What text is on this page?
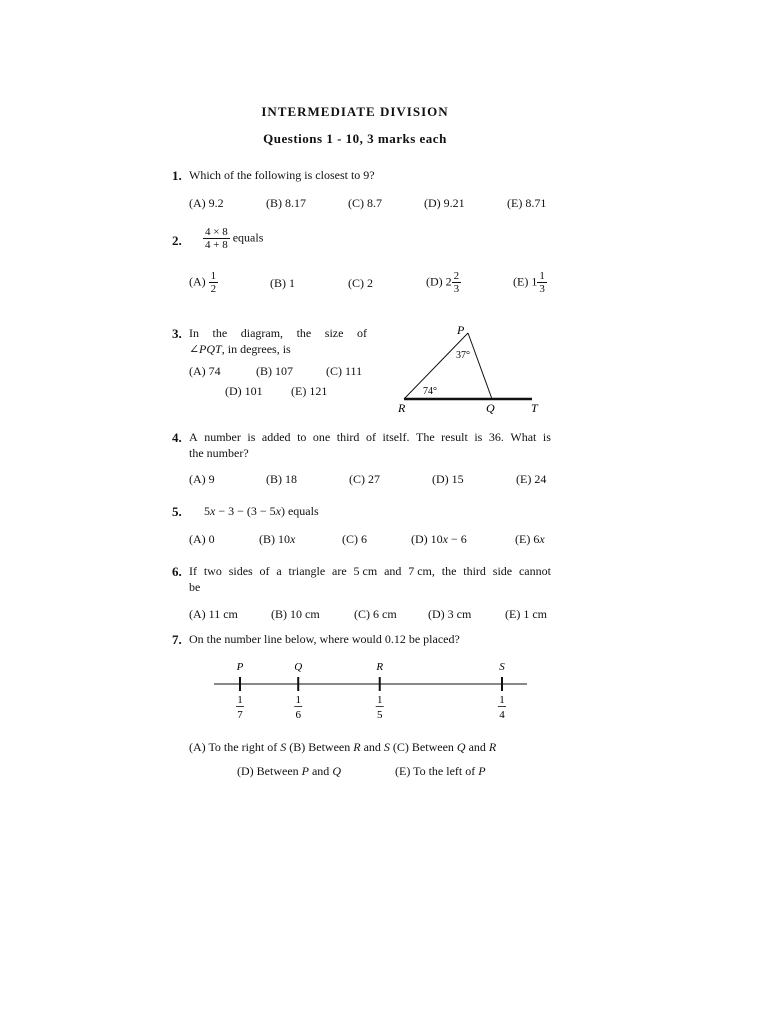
INTERMEDIATE DIVISION
Questions 1 - 10, 3 marks each
1. Which of the following is closest to 9?
(A) 9.2	(B) 8.17	(C) 8.7	(D) 9.21	(E) 8.71
2. $\frac{4 \times 8}{4 + 8}$ equals
$(A) \frac{1}{2}$	(B) 1	(C) 2	(D) $2 \frac{2}{3}$	(E) $1 \frac{1}{3}$
3. In the diagram, the size of
∠PQT, in degrees, is
(A) 74	(B) 107	(C) 111
(D) 101 (E) 121
P
37°
74°
R	Q	T
4. A number is added to one third of itself. The result is 36. What is
the number?
(A) 9	(B) 18	(C) 27	(D) 15	(E) 24
5. 5x − 3 − (3 − 5x) equals
(A) 0	(B) 10x	(C) 6	(D) 10x − 6	(E) 6x
6. If two sides of a triangle are 5 cm and 7 cm, the third side cannot
be
(A) 11 cm	(B) 10 cm	(C) 6 cm	(D) 3 cm	(E) 1 cm
7. On the number line below, where would 0.12 be placed?
P
1
7
Q
1
6
R
1
5
S
1
4
(A) To the right of S (B) Between R and S (C) Between Q and R
(D) Between P and Q	(E) To the left of P
